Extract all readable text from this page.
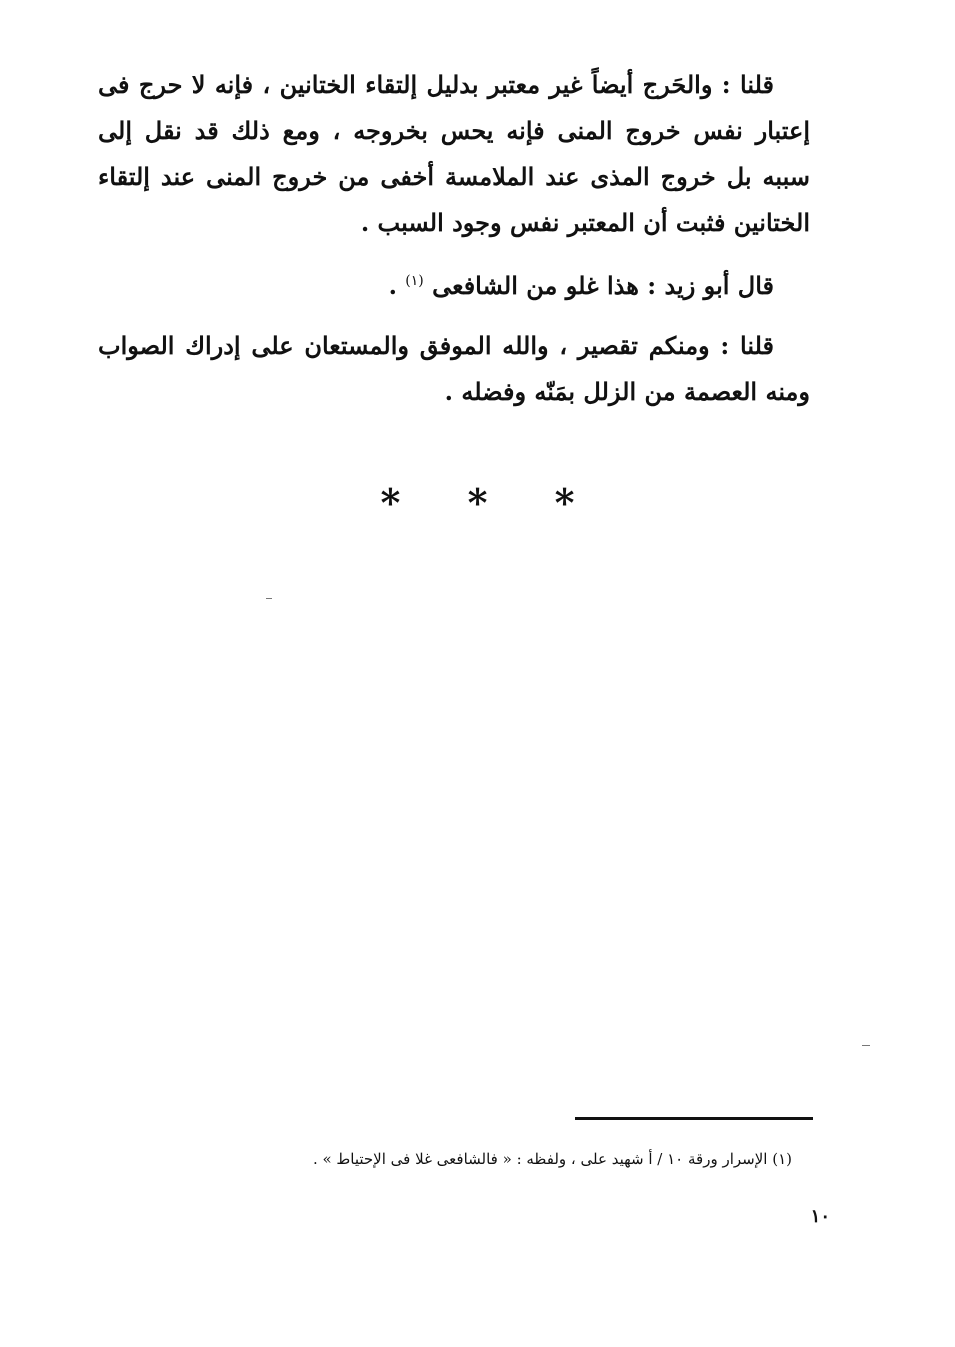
قلنا : والحَرج أيضاً غير معتبر بدليل إلتقاء الختانين ، فإنه لا حرج فى إعتبار نفس خروج المنى فإنه يحس بخروجه ، ومع ذلك قد نقل إلى سببه بل خروج المذى عند الملامسة أخفى من خروج المنى عند إلتقاء الختانين فثبت أن المعتبر نفس وجود السبب .

قال أبو زيد : هذا غلو من الشافعى $^{(١)}$ .

قلنا : ومنكم تقصير ، والله الموفق والمستعان على إدراك الصواب ومنه العصمة من الزلل بمَنّه وفضله .

* * *
(١) الإسرار ورقة ١٠ / أ شهيد على ، ولفظه : « فالشافعى غلا فى الإحتياط » .
١٠
